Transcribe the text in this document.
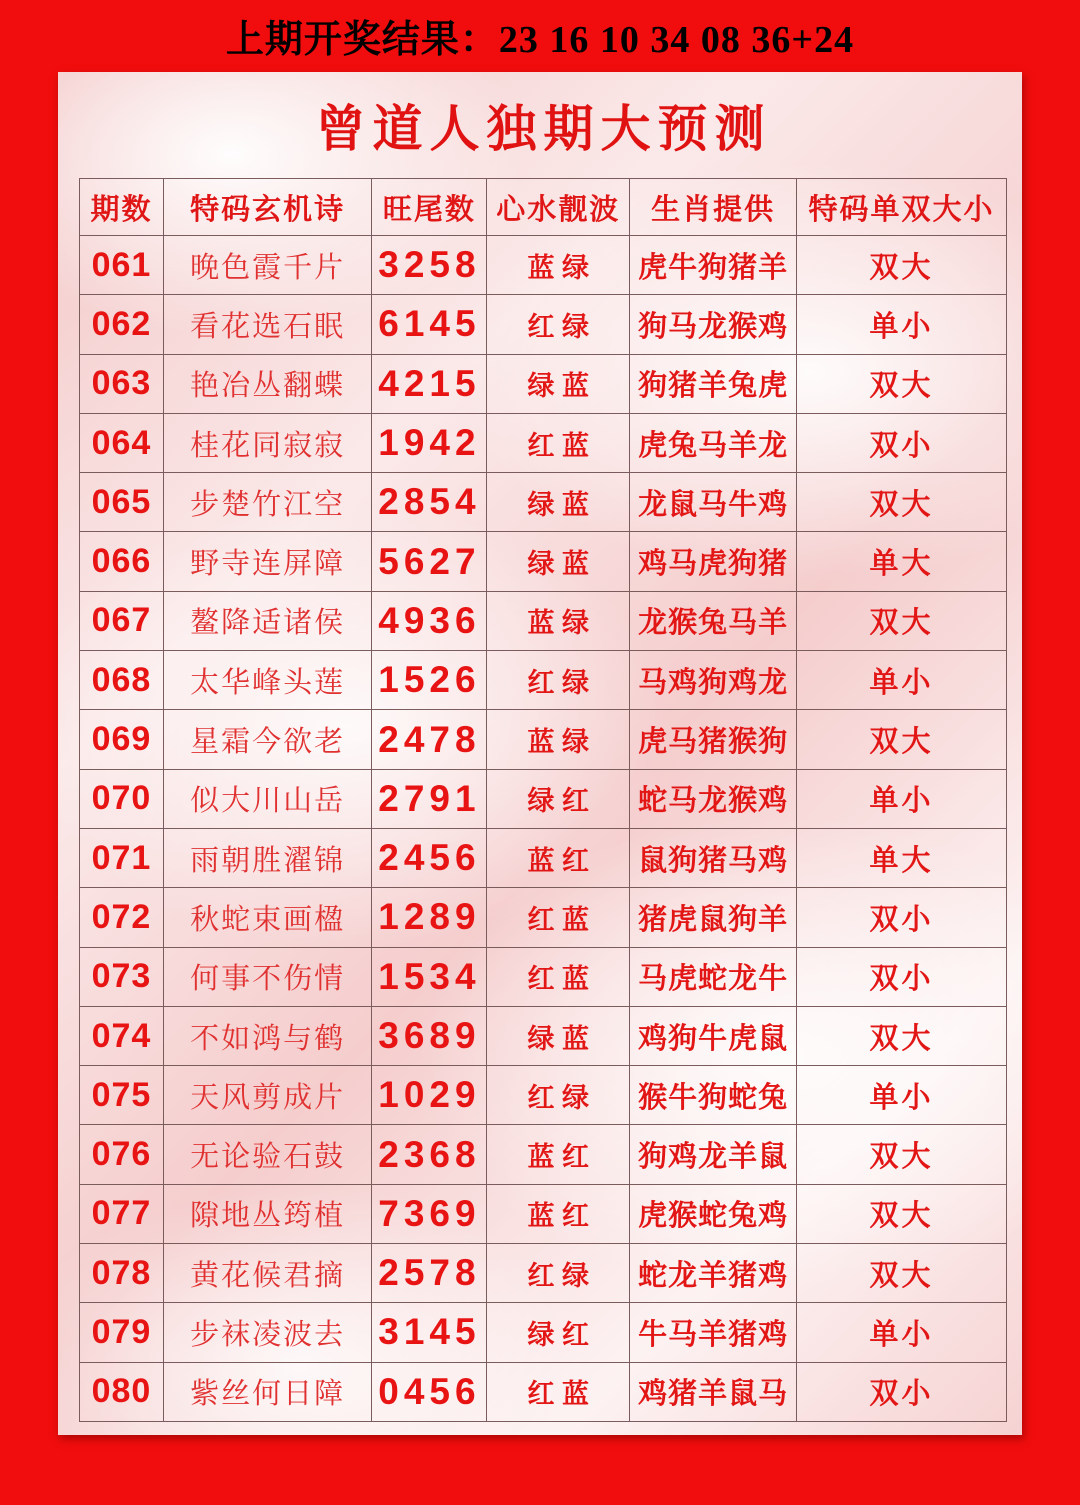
上期开奖结果：23 16 10 34 08 36+24
曾道人独期大预测
期数	特码玄机诗	旺尾数	心水靓波	生肖提供	特码单双大小
061	晚色霞千片	3258	蓝 绿	虎牛狗猪羊	双大
062	看花选石眠	6145	红 绿	狗马龙猴鸡	单小
063	艳冶丛翻蝶	4215	绿 蓝	狗猪羊兔虎	双大
064	桂花同寂寂	1942	红 蓝	虎兔马羊龙	双小
065	步楚竹江空	2854	绿 蓝	龙鼠马牛鸡	双大
066	野寺连屏障	5627	绿 蓝	鸡马虎狗猪	单大
067	鳌降适诸侯	4936	蓝 绿	龙猴兔马羊	双大
068	太华峰头莲	1526	红 绿	马鸡狗鸡龙	单小
069	星霜今欲老	2478	蓝 绿	虎马猪猴狗	双大
070	似大川山岳	2791	绿 红	蛇马龙猴鸡	单小
071	雨朝胜濯锦	2456	蓝 红	鼠狗猪马鸡	单大
072	秋蛇束画楹	1289	红 蓝	猪虎鼠狗羊	双小
073	何事不伤情	1534	红 蓝	马虎蛇龙牛	双小
074	不如鸿与鹤	3689	绿 蓝	鸡狗牛虎鼠	双大
075	天风剪成片	1029	红 绿	猴牛狗蛇兔	单小
076	无论验石鼓	2368	蓝 红	狗鸡龙羊鼠	双大
077	隙地丛筠植	7369	蓝 红	虎猴蛇兔鸡	双大
078	黄花候君摘	2578	红 绿	蛇龙羊猪鸡	双大
079	步袜凌波去	3145	绿 红	牛马羊猪鸡	单小
080	紫丝何日障	0456	红 蓝	鸡猪羊鼠马	双小
